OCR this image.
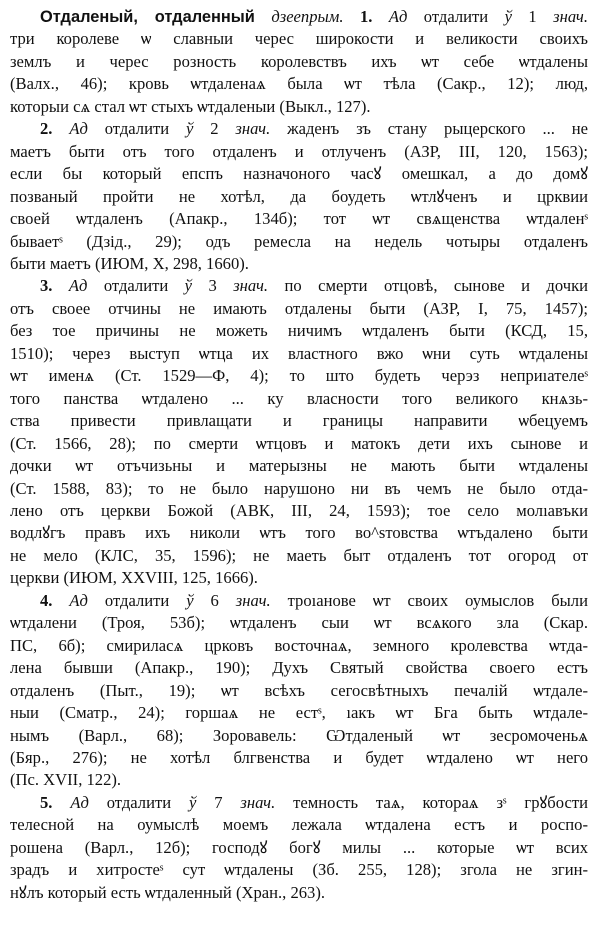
Отдаленый, отдаленный дзеепрым. 1. Ад отдалити ў 1 знач.
три королеве ѡ славныи черес широкости и великости своихъ
землъ и черес розность королевствъ ихъ ѡт себе ѡтдалены
(Валх., 46); кровь ѡтдаленаѧ была ѡт тѣла (Сакр., 12); люд,
которыи сѧ стал ѡт стыхъ ѡтдаленыи (Выкл., 127).
2. Ад отдалити ў 2 знач. жаденъ зъ стану рыцерского ... не
маетъ быти отъ того отдаленъ и отлученъ (АЗР, III, 120, 1563);
если бы который епспъ назначоного часꙋ омешкал, а до домꙋ
позваный пройти не хотѣл, да боудеть ѡтлꙋченъ и црквии
своей ѡтдаленъ (Апакр., 134б); тот ѡт свѧщенства ѡтдаленˢ
бываетˢ (Дзід., 29); одъ ремесла на недель чотыры отдаленъ
быти маетъ (ИЮМ, X, 298, 1660).
3. Ад отдалити ў 3 знач. по смерти отцовѣ, сынове и дочки
отъ своее отчины не имають отдалены быти (АЗР, I, 75, 1457);
без тое причины не можеть ничимъ ѡтдаленъ быти (КСД, 15,
1510); через выступ ѡтца их властного вжо ѡни суть ѡтдалены
ѡт именѧ (Ст. 1529—Ф, 4); то што будеть черэз неприıателеˢ
того панства ѡтдалено ... ку власности того великого кнѧзь-
ства привести привлащати и границы направити ѡбецуемъ
(Ст. 1566, 28); по смерти ѡтцовъ и матокъ дети ихъ сынове и
дочки ѡт отъчизьны и матерызны не мають быти ѡтдалены
(Ст. 1588, 83); то не было нарушоно ни въ чемъ не было отда-
лено отъ церкви Божой (АВК, III, 24, 1593); тое село молıавъки
водлꙋгъ правъ ихъ николи ѡтъ того во^sтовства ѡтъдалено быти
не мело (КЛС, 35, 1596); не маеть быт отдаленъ тот огород от
церкви (ИЮМ, XXVIII, 125, 1666).
4. Ад отдалити ў 6 знач. троıанове ѡт своих оумыслов были
ѡтдалени (Троя, 53б); ѡтдаленъ сыи ѡт всѧкого зла (Скар.
ПС, 6б); смириласѧ црковъ восточнаѧ, земного кролевства ѡтда-
лена бывши (Апакр., 190); Духъ Святый свойства своего естъ
отдаленъ (Пыт., 19); ѡт всѣхъ сегосвѣтныхъ печалій ѡтдале-
ныи (Сматр., 24); горшаѧ не естˢ, ıакъ ѡт Бга быть ѡтдале-
нымъ (Варл., 68); Зоровавель: Ѡтдаленый ѡт зесромоченьѧ
(Бяр., 276); не хотѣл блгвенства и будет ѡтдалено ѡт него
(Пс. XVII, 122).
5. Ад отдалити ў 7 знач. темность таѧ, котораѧ зˢ грꙋбости
телесной на оумыслѣ моемъ лежала ѡтдалена естъ и роспо-
рошена (Варл., 12б); господꙋ богꙋ милы ... которые ѡт всих
зрадъ и хитростеˢ сут ѡтдалены (Зб. 255, 128); згола не згин-
нꙋлъ который есть ѡтдаленный (Хран., 263).
